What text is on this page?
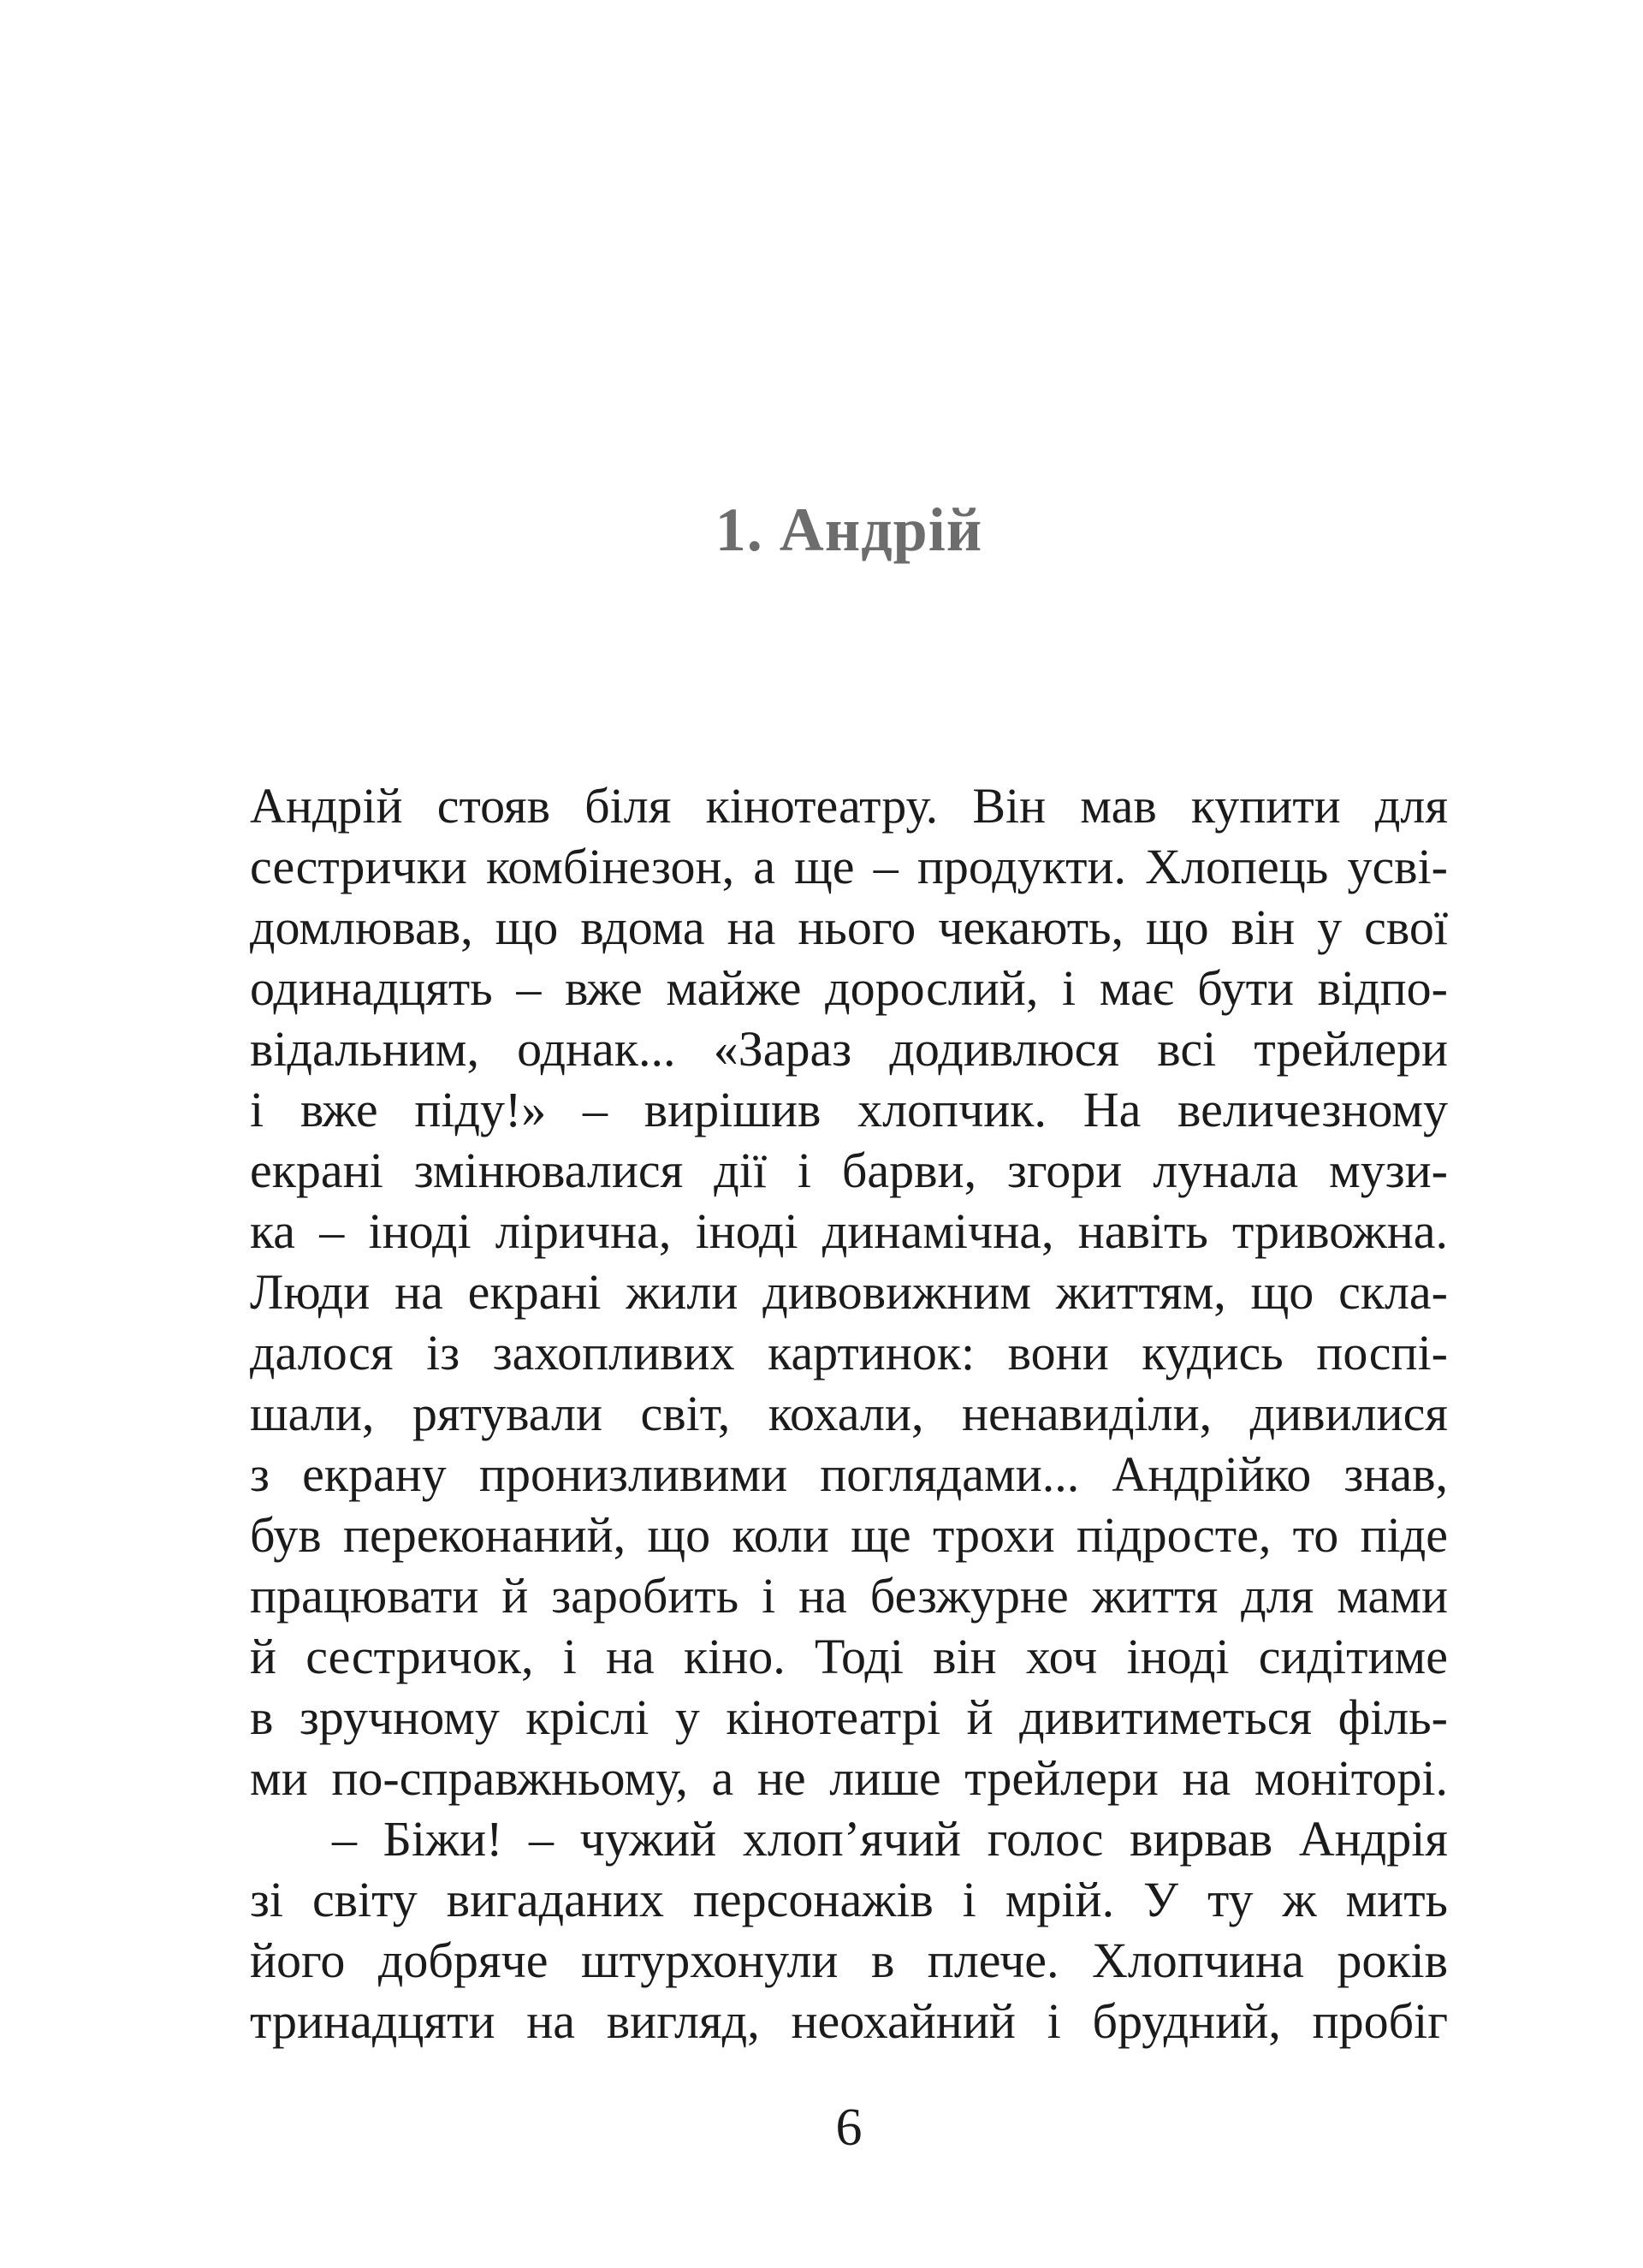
1. Андрій
Андрій стояв біля кінотеатру. Він мав купити для
сестрички комбінезон, а ще – продукти. Хлопець усві-
домлював, що вдома на нього чекають, що він у свої
одинадцять – вже майже дорослий, і має бути відпо-
відальним, однак... «Зараз додивлюся всі трейлери
і вже піду!» – вирішив хлопчик. На величезному
екрані змінювалися дії і барви, згори лунала музи-
ка – іноді лірична, іноді динамічна, навіть тривожна.
Люди на екрані жили дивовижним життям, що скла-
далося із захопливих картинок: вони кудись поспі-
шали, рятували світ, кохали, ненавиділи, дивилися
з екрану пронизливими поглядами... Андрійко знав,
був переконаний, що коли ще трохи підросте, то піде
працювати й заробить і на безжурне життя для мами
й сестричок, і на кіно. Тоді він хоч іноді сидітиме
в зручному кріслі у кінотеатрі й дивитиметься філь-
ми по-справжньому, а не лише трейлери на моніторі.
– Біжи! – чужий хлоп’ячий голос вирвав Андрія
зі світу вигаданих персонажів і мрій. У ту ж мить
його добряче штурхонули в плече. Хлопчина років
тринадцяти на вигляд, неохайний і брудний, пробіг
6
